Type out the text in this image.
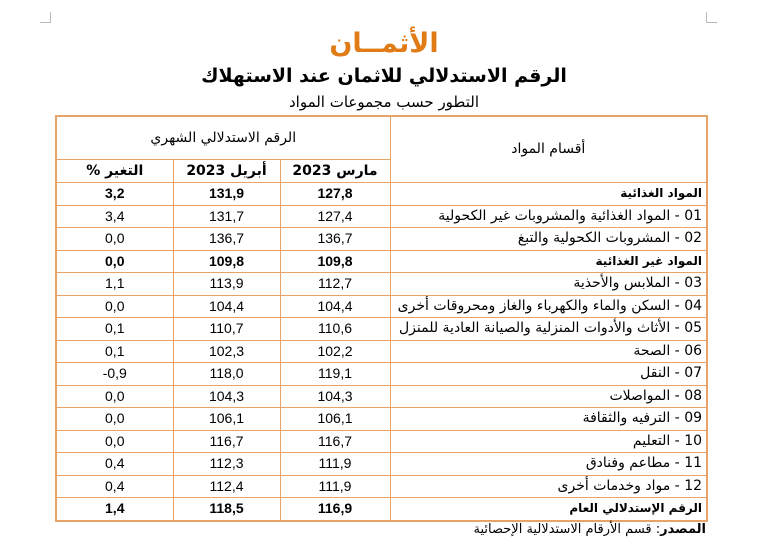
الأثمــان
الرقم الاستدلالي للاثمان عند الاستهلاك
التطور حسب مجموعات المواد
الرقم الاستدلالي الشهري			أقسام المواد
التغير %	أبريل 2023	مارس 2023	
3,2	131,9	127,8	المواد الغذائية
3,4	131,7	127,4	01 - المواد الغذائية والمشروبات غير الكحولية
0,0	136,7	136,7	02 - المشروبات الكحولية والتبغ
0,0	109,8	109,8	المواد غير الغذائية
1,1	113,9	112,7	03 - الملابس والأحذية
0,0	104,4	104,4	04 - السكن والماء والكهرباء والغاز ومحروقات أخرى
0,1	110,7	110,6	05 - الأثاث والأدوات المنزلية والصيانة العادية للمنزل
0,1	102,3	102,2	06 - الصحة
-0,9	118,0	119,1	07 - النقل
0,0	104,3	104,3	08 - المواصلات
0,0	106,1	106,1	09 - الترفيه والثقافة
0,0	116,7	116,7	10 - التعليم
0,4	112,3	111,9	11 - مطاعم وفنادق
0,4	112,4	111,9	12 - مواد وخدمات أخرى
1,4	118,5	116,9	الرقم الإستدلالي العام
المصدر: قسم الأرقام الاستدلالية الإحصائية
